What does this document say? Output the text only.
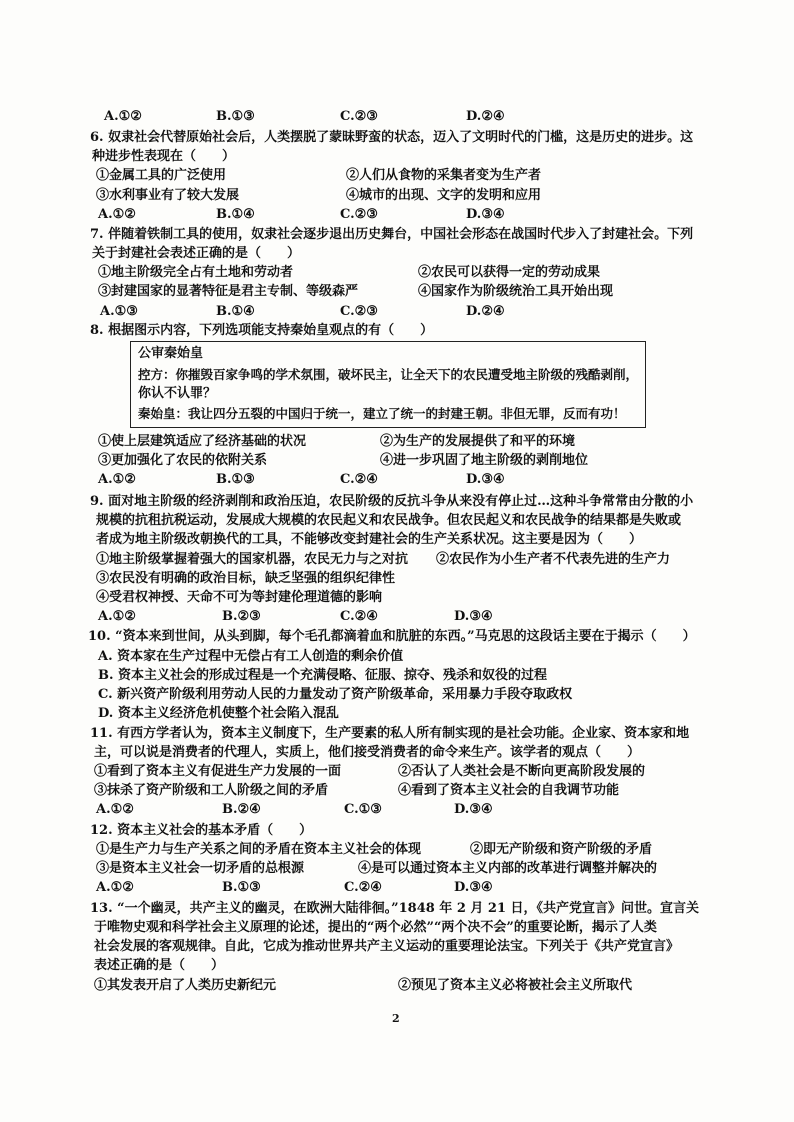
A.①②	B.①③	C.②③	D.②④
6. 奴隶社会代替原始社会后，人类摆脱了蒙昧野蛮的状态，迈入了文明时代的门槛，这是历史的进步。这
种进步性表现在（　　）
①金属工具的广泛使用	②人们从食物的采集者变为生产者
③水利事业有了较大发展	④城市的出现、文字的发明和应用
A.①②	B.①④	C.②③	D.③④
7. 伴随着铁制工具的使用，奴隶社会逐步退出历史舞台，中国社会形态在战国时代步入了封建社会。下列
关于封建社会表述正确的是（　　）
①地主阶级完全占有土地和劳动者	②农民可以获得一定的劳动成果
③封建国家的显著特征是君主专制、等级森严	④国家作为阶级统治工具开始出现
A.①③	B.①④	C.②③	D.②④
8. 根据图示内容，下列选项能支持秦始皇观点的有（　　）
公审秦始皇
控方：你摧毁百家争鸣的学术氛围，破坏民主，让全天下的农民遭受地主阶级的残酷剥削，
你认不认罪？
秦始皇：我让四分五裂的中国归于统一，建立了统一的封建王朝。非但无罪，反而有功！
①使上层建筑适应了经济基础的状况	②为生产的发展提供了和平的环境
③更加强化了农民的依附关系	④进一步巩固了地主阶级的剥削地位
A.①②	B.①③	C.②④	D.③④
9. 面对地主阶级的经济剥削和政治压迫，农民阶级的反抗斗争从来没有停止过…这种斗争常常由分散的小
规模的抗租抗税运动，发展成大规模的农民起义和农民战争。但农民起义和农民战争的结果都是失败或
者成为地主阶级改朝换代的工具，不能够改变封建社会的生产关系状况。这主要是因为（　　）
①地主阶级掌握着强大的国家机器，农民无力与之对抗 ②农民作为小生产者不代表先进的生产力
③农民没有明确的政治目标，缺乏坚强的组织纪律性
④受君权神授、天命不可为等封建伦理道德的影响
A.①②	B.②③	C.②④	D.③④
10. “资本来到世间，从头到脚，每个毛孔都滴着血和肮脏的东西。”马克思的这段话主要在于揭示（　　）
A. 资本家在生产过程中无偿占有工人创造的剩余价值
B. 资本主义社会的形成过程是一个充满侵略、征服、掠夺、残杀和奴役的过程
C. 新兴资产阶级利用劳动人民的力量发动了资产阶级革命，采用暴力手段夺取政权
D. 资本主义经济危机使整个社会陷入混乱
11. 有西方学者认为，资本主义制度下，生产要素的私人所有制实现的是社会功能。企业家、资本家和地
主，可以说是消费者的代理人，实质上，他们接受消费者的命令来生产。该学者的观点（　　）
①看到了资本主义有促进生产力发展的一面	②否认了人类社会是不断向更高阶段发展的
③抹杀了资产阶级和工人阶级之间的矛盾	④看到了资本主义社会的自我调节功能
A.①②	B.②④	C.①③	D.③④
12. 资本主义社会的基本矛盾（　　）
①是生产力与生产关系之间的矛盾在资本主义社会的体现	②即无产阶级和资产阶级的矛盾
③是资本主义社会一切矛盾的总根源	④是可以通过资本主义内部的改革进行调整并解决的
A.①②	B.①③	C.②④	D.③④
13. “一个幽灵，共产主义的幽灵，在欧洲大陆徘徊。”1848 年 2 月 21 日，《共产党宣言》问世。宣言关
于唯物史观和科学社会主义原理的论述，提出的“两个必然”“两个决不会”的重要论断，揭示了人类
社会发展的客观规律。自此，它成为推动世界共产主义运动的重要理论法宝。下列关于《共产党宣言》
表述正确的是（　　）
①其发表开启了人类历史新纪元	②预见了资本主义必将被社会主义所取代
2
